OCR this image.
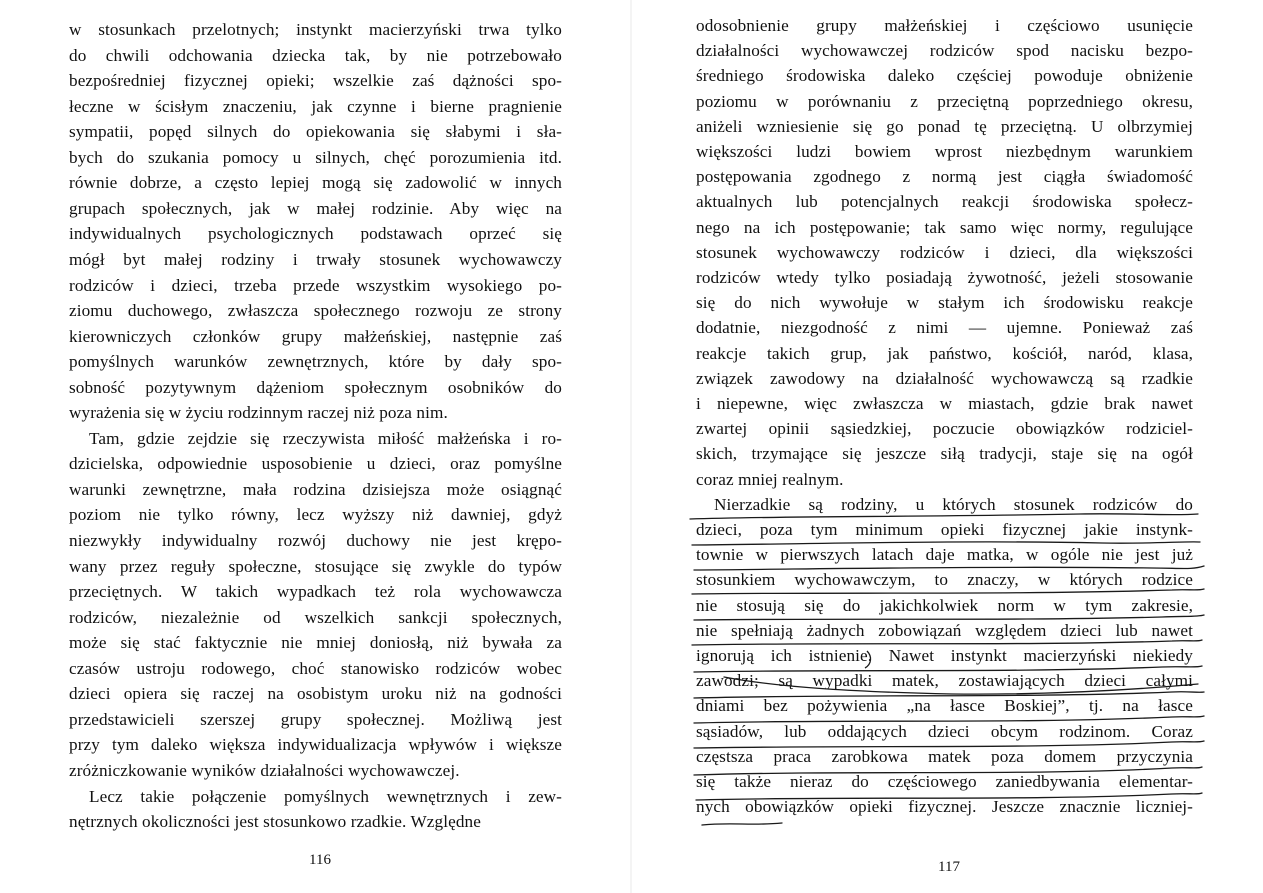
w stosunkach przelotnych; instynkt macierzyński trwa tylko
do chwili odchowania dziecka tak, by nie potrzebowało
bezpośredniej fizycznej opieki; wszelkie zaś dążności spo-
łeczne w ścisłym znaczeniu, jak czynne i bierne pragnienie
sympatii, popęd silnych do opiekowania się słabymi i sła-
bych do szukania pomocy u silnych, chęć porozumienia itd.
równie dobrze, a często lepiej mogą się zadowolić w innych
grupach społecznych, jak w małej rodzinie. Aby więc na
indywidualnych psychologicznych podstawach oprzeć się
mógł byt małej rodziny i trwały stosunek wychowawczy
rodziców i dzieci, trzeba przede wszystkim wysokiego po-
ziomu duchowego, zwłaszcza społecznego rozwoju ze strony
kierowniczych członków grupy małżeńskiej, następnie zaś
pomyślnych warunków zewnętrznych, które by dały spo-
sobność pozytywnym dążeniom społecznym osobników do
wyrażenia się w życiu rodzinnym raczej niż poza nim.
Tam, gdzie zejdzie się rzeczywista miłość małżeńska i ro-
dzicielska, odpowiednie usposobienie u dzieci, oraz pomyślne
warunki zewnętrzne, mała rodzina dzisiejsza może osiągnąć
poziom nie tylko równy, lecz wyższy niż dawniej, gdyż
niezwykły indywidualny rozwój duchowy nie jest krępo-
wany przez reguły społeczne, stosujące się zwykle do typów
przeciętnych. W takich wypadkach też rola wychowawcza
rodziców, niezależnie od wszelkich sankcji społecznych,
może się stać faktycznie nie mniej doniosłą, niż bywała za
czasów ustroju rodowego, choć stanowisko rodziców wobec
dzieci opiera się raczej na osobistym uroku niż na godności
przedstawicieli szerszej grupy społecznej. Możliwą jest
przy tym daleko większa indywidualizacja wpływów i większe
zróżniczkowanie wyników działalności wychowawczej.
Lecz takie połączenie pomyślnych wewnętrznych i zew-
nętrznych okoliczności jest stosunkowo rzadkie. Względne
116
odosobnienie grupy małżeńskiej i częściowo usunięcie
działalności wychowawczej rodziców spod nacisku bezpo-
średniego środowiska daleko częściej powoduje obniżenie
poziomu w porównaniu z przeciętną poprzedniego okresu,
aniżeli wzniesienie się go ponad tę przeciętną. U olbrzymiej
większości ludzi bowiem wprost niezbędnym warunkiem
postępowania zgodnego z normą jest ciągła świadomość
aktualnych lub potencjalnych reakcji środowiska społecz-
nego na ich postępowanie; tak samo więc normy, regulujące
stosunek wychowawczy rodziców i dzieci, dla większości
rodziców wtedy tylko posiadają żywotność, jeżeli stosowanie
się do nich wywołuje w stałym ich środowisku reakcje
dodatnie, niezgodność z nimi — ujemne. Ponieważ zaś
reakcje takich grup, jak państwo, kościół, naród, klasa,
związek zawodowy na działalność wychowawczą są rzadkie
i niepewne, więc zwłaszcza w miastach, gdzie brak nawet
zwartej opinii sąsiedzkiej, poczucie obowiązków rodziciel-
skich, trzymające się jeszcze siłą tradycji, staje się na ogół
coraz mniej realnym.
Nierzadkie są rodziny, u których stosunek rodziców do
dzieci, poza tym minimum opieki fizycznej jakie instynk-
townie w pierwszych latach daje matka, w ogóle nie jest już
stosunkiem wychowawczym, to znaczy, w których rodzice
nie stosują się do jakichkolwiek norm w tym zakresie,
nie spełniają żadnych zobowiązań względem dzieci lub nawet
ignorują ich istnienie. Nawet instynkt macierzyński niekiedy
zawodzi; są wypadki matek, zostawiających dzieci całymi
dniami bez pożywienia „na łasce Boskiej”, tj. na łasce
sąsiadów, lub oddających dzieci obcym rodzinom. Coraz
częstsza praca zarobkowa matek poza domem przyczynia
się także nieraz do częściowego zaniedbywania elementar-
nych obowiązków opieki fizycznej. Jeszcze znacznie liczniej-
117
